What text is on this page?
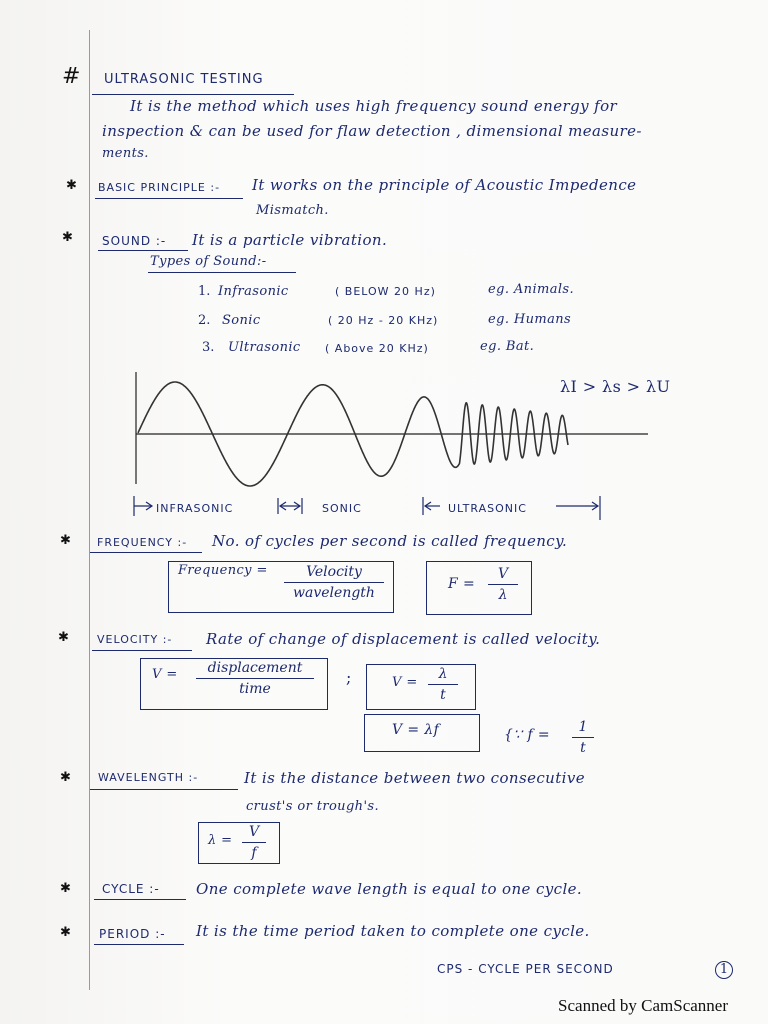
# ULTRASONIC TESTING
It is the method which uses high frequency sound energy for
inspection & can be used for flaw detection , dimensional measure-
ments.
✱ BASIC PRINCIPLE :- It works on the principle of Acoustic Impedence
Mismatch.
✱ SOUND :- It is a particle vibration.
Types of Sound:-
1. Infrasonic	( BELOW 20 Hz)	eg. Animals.
2. Sonic	( 20 Hz - 20 KHz)	eg. Humans
3. Ultrasonic ( Above 20 KHz)	eg. Bat.
λI > λs > λU
INFRASONIC	SONIC	ULTRASONIC
✱ FREQUENCY :- No. of cycles per second is called frequency.
Frequency =	Velocity
wavelength
F =
V
λ
✱	VELOCITY :- Rate of change of displacement is called velocity.
V =	displacement
time
;	V =
λ
t
V = λf	{∵ f =	1
t
✱ WAVELENGTH :-	It is the distance between two consecutive
crust's or trough's.
λ =
V
f
✱	CYCLE :- One complete wave length is equal to one cycle.
✱ PERIOD :- It is the time period taken to complete one cycle.
CPS - CYCLE PER SECOND	1
Scanned by CamScanner
